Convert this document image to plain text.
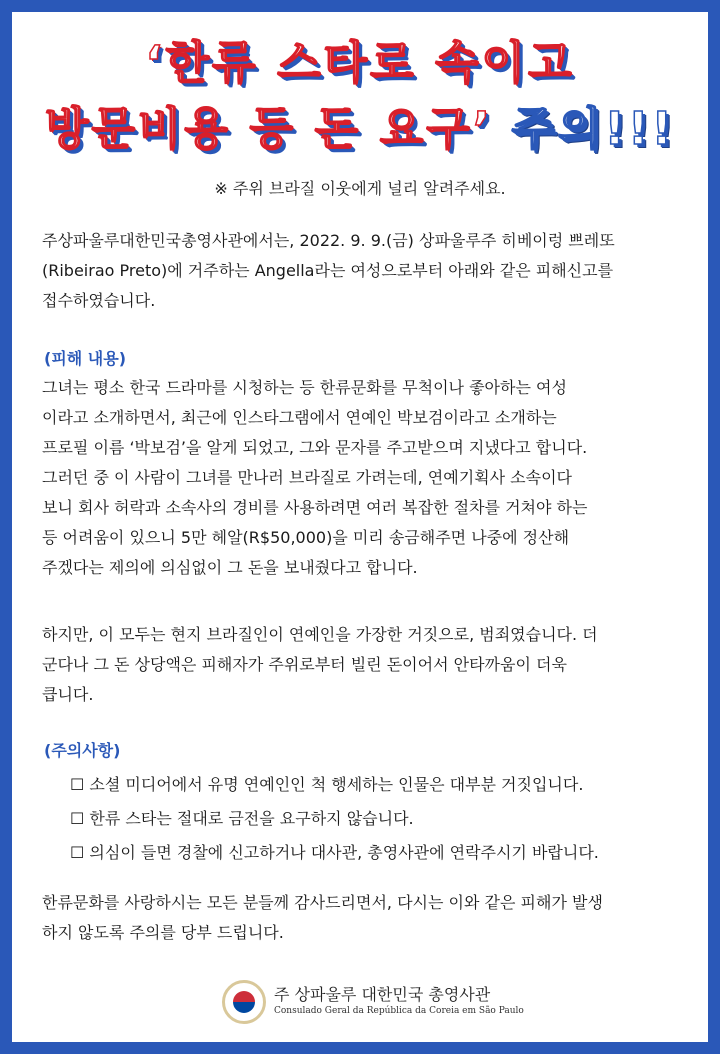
‘한류 스타로 속이고
방문비용 등 돈 요구’ 주의!!!
※ 주위 브라질 이웃에게 널리 알려주세요.
주상파울루대한민국총영사관에서는, 2022. 9. 9.(금) 상파울루주 히베이렁 쁘레또
(Ribeirao Preto)에 거주하는 Angella라는 여성으로부터 아래와 같은 피해신고를
접수하였습니다.
(피해 내용)
그녀는 평소 한국 드라마를 시청하는 등 한류문화를 무척이나 좋아하는 여성
이라고 소개하면서, 최근에 인스타그램에서 연예인 박보검이라고 소개하는
프로필 이름 ‘박보검’을 알게 되었고, 그와 문자를 주고받으며 지냈다고 합니다.
그러던 중 이 사람이 그녀를 만나러 브라질로 가려는데, 연예기획사 소속이다
보니 회사 허락과 소속사의 경비를 사용하려면 여러 복잡한 절차를 거쳐야 하는
등 어려움이 있으니 5만 헤알(R$50,000)을 미리 송금해주면 나중에 정산해
주겠다는 제의에 의심없이 그 돈을 보내줬다고 합니다.
하지만, 이 모두는 현지 브라질인이 연예인을 가장한 거짓으로, 범죄였습니다. 더
군다나 그 돈 상당액은 피해자가 주위로부터 빌린 돈이어서 안타까움이 더욱
큽니다.
(주의사항)
☐ 소셜 미디어에서 유명 연예인인 척 행세하는 인물은 대부분 거짓입니다.
☐ 한류 스타는 절대로 금전을 요구하지 않습니다.
☐ 의심이 들면 경찰에 신고하거나 대사관, 총영사관에 연락주시기 바랍니다.
한류문화를 사랑하시는 모든 분들께 감사드리면서, 다시는 이와 같은 피해가 발생
하지 않도록 주의를 당부 드립니다.
주 상파울루 대한민국 총영사관
Consulado Geral da República da Coreia em São Paulo
